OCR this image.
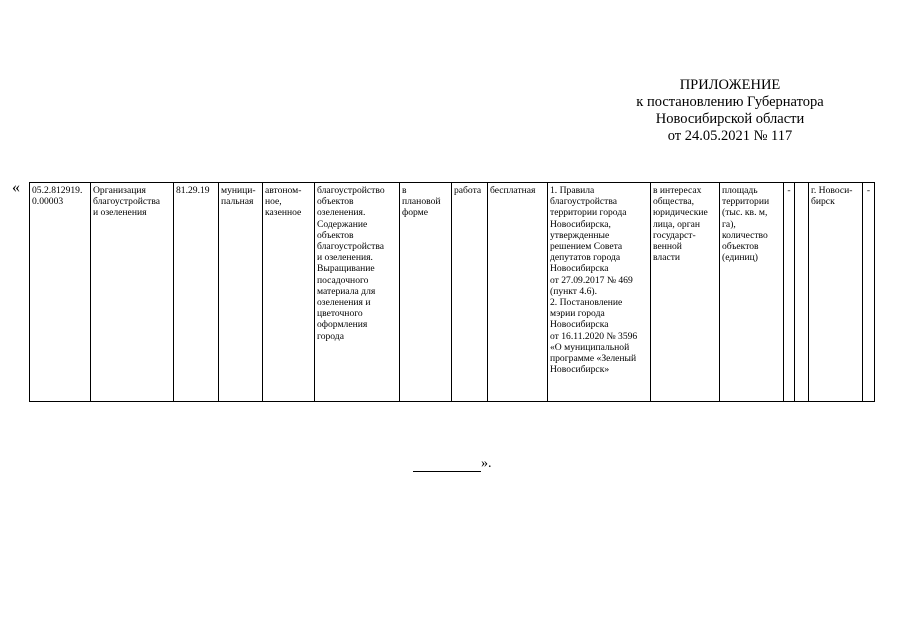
ПРИЛОЖЕНИЕ
к постановлению Губернатора
Новосибирской области
от 24.05.2021 № 117
« 05.2.812919.
0.00003	Организация
благоустройства
и озеленения	81.29.19	муници-
пальная	автоном-
ное,
казенное	благоустройство
объектов
озеленения.
Содержание
объектов
благоустройства
и озеленения.
Выращивание
посадочного
материала для
озеленения и
цветочного
оформления
города	в
плановой
форме	работа	бесплатная	1. Правила
благоустройства
территории города
Новосибирска,
утвержденные
решением Совета
депутатов города
Новосибирска
от 27.09.2017 № 469
(пункт 4.6).
2. Постановление
мэрии города
Новосибирска
от 16.11.2020 № 3596
«О муниципальной
программе «Зеленый
Новосибирск»	в интересах
общества,
юридические
лица, орган
государст-
венной
власти	площадь
территории
(тыс. кв. м,
га),
количество
объектов
(единиц)	-		г. Новоси-
бирск	-
».
